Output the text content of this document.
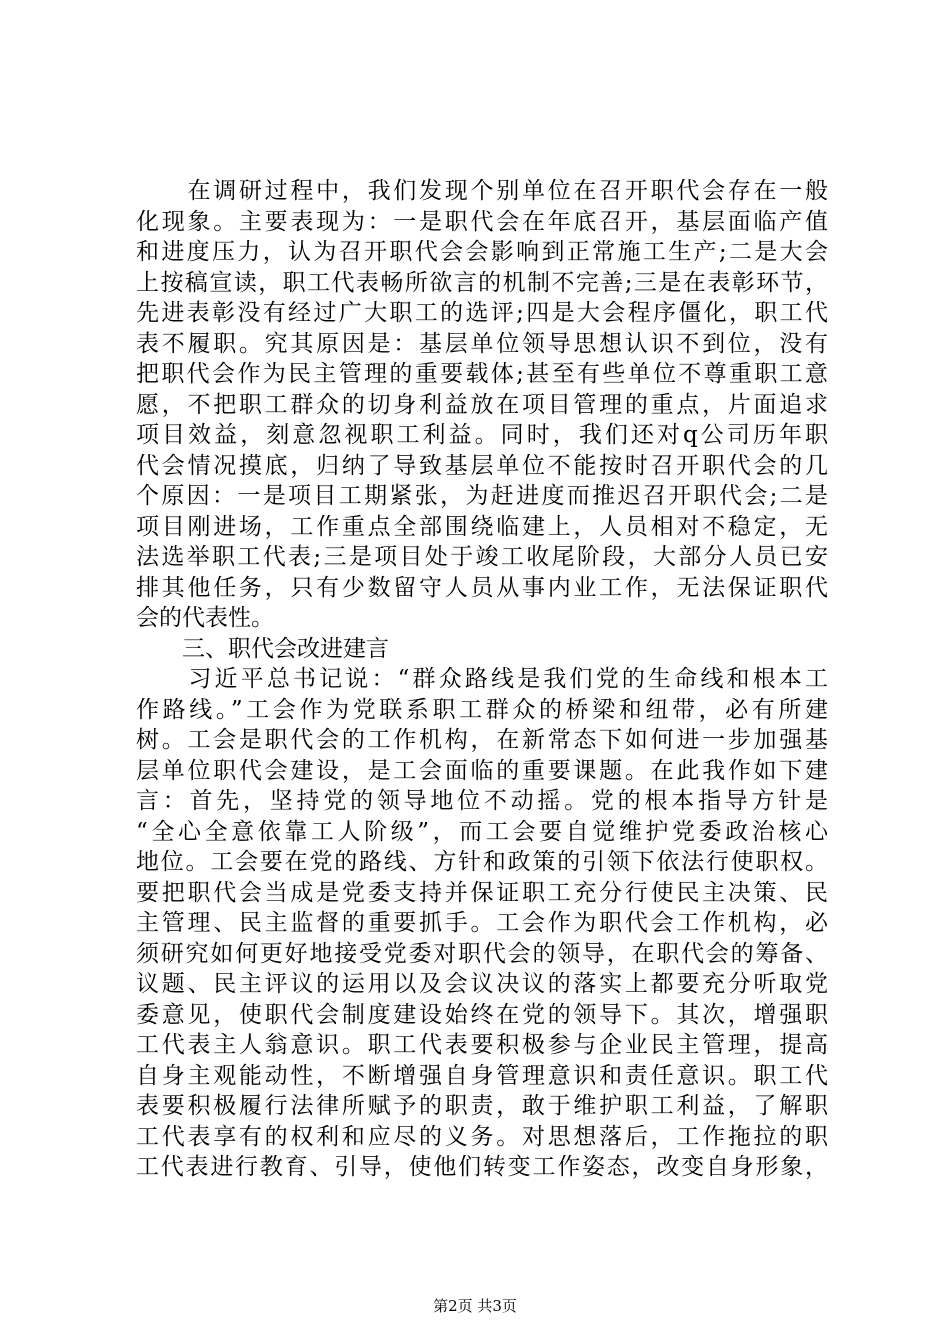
　　在调研过程中，我们发现个别单位在召开职代会存在一般
化现象。主要表现为：一是职代会在年底召开，基层面临产值
和进度压力，认为召开职代会会影响到正常施工生产;二是大会
上按稿宣读，职工代表畅所欲言的机制不完善;三是在表彰环节，
先进表彰没有经过广大职工的选评;四是大会程序僵化，职工代
表不履职。究其原因是：基层单位领导思想认识不到位，没有
把职代会作为民主管理的重要载体;甚至有些单位不尊重职工意
愿，不把职工群众的切身利益放在项目管理的重点，片面追求
项目效益，刻意忽视职工利益。同时，我们还对q公司历年职
代会情况摸底，归纳了导致基层单位不能按时召开职代会的几
个原因：一是项目工期紧张，为赶进度而推迟召开职代会;二是
项目刚进场，工作重点全部围绕临建上，人员相对不稳定，无
法选举职工代表;三是项目处于竣工收尾阶段，大部分人员已安
排其他任务，只有少数留守人员从事内业工作，无法保证职代
会的代表性。
　　三、职代会改进建言
　　习近平总书记说：“群众路线是我们党的生命线和根本工
作路线。”工会作为党联系职工群众的桥梁和纽带，必有所建
树。工会是职代会的工作机构，在新常态下如何进一步加强基
层单位职代会建设，是工会面临的重要课题。在此我作如下建
言：首先，坚持党的领导地位不动摇。党的根本指导方针是
“全心全意依靠工人阶级”，而工会要自觉维护党委政治核心
地位。工会要在党的路线、方针和政策的引领下依法行使职权。
要把职代会当成是党委支持并保证职工充分行使民主决策、民
主管理、民主监督的重要抓手。工会作为职代会工作机构，必
须研究如何更好地接受党委对职代会的领导，在职代会的筹备、
议题、民主评议的运用以及会议决议的落实上都要充分听取党
委意见，使职代会制度建设始终在党的领导下。其次，增强职
工代表主人翁意识。职工代表要积极参与企业民主管理，提高
自身主观能动性，不断增强自身管理意识和责任意识。职工代
表要积极履行法律所赋予的职责，敢于维护职工利益，了解职
工代表享有的权利和应尽的义务。对思想落后，工作拖拉的职
工代表进行教育、引导，使他们转变工作姿态，改变自身形象，
第2页 共3页
